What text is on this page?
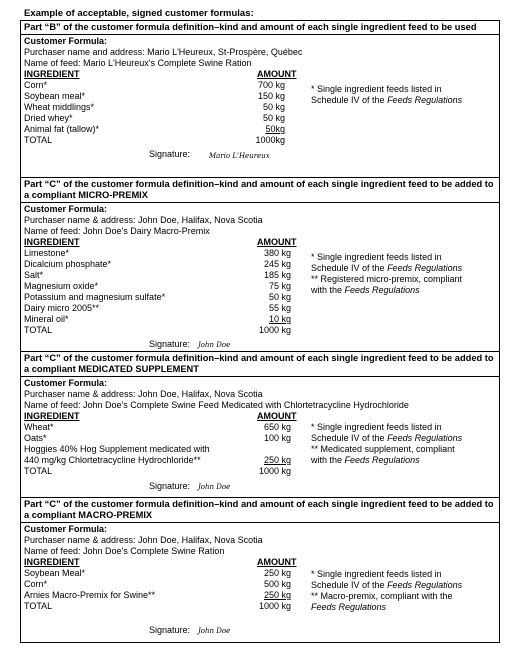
Example of acceptable, signed customer formulas:
Part “B” of the customer formula definition–kind and amount of each single ingredient feed to be used
Customer Formula:
Purchaser name and address: Mario L'Heureux, St-Prospère, Québec
Name of feed: Mario L'Heureux's Complete Swine Ration
INGREDIENT	AMOUNT
Corn*	700 kg
Soybean meal*	150 kg
Wheat middlings*	50 kg
Dried whey*	50 kg
Animal fat (tallow)*	50kg
TOTAL	1000kg
* Single ingredient feeds listed in
Schedule IV of the Feeds Regulations
Signature:	Mario L'Heureux
Part “C” of the customer formula definition–kind and amount of each single ingredient feed to be added to a compliant MICRO-PREMIX
Customer Formula:
Purchaser name & address: John Doe, Halifax, Nova Scotia
Name of feed: John Doe's Dairy Macro-Premix
INGREDIENT	AMOUNT
Limestone*	380 kg
Dicalcium phosphate*	245 kg
Salt*	185 kg
Magnesium oxide*	75 kg
Potassium and magnesium sulfate*	50 kg
Dairy micro 2005**	55 kg
Mineral oil*	10 kg
TOTAL	1000 kg
* Single ingredient feeds listed in
Schedule IV of the Feeds Regulations
** Registered micro-premix, compliant
with the Feeds Regulations
Signature: John Doe
Part “C” of the customer formula definition–kind and amount of each single ingredient feed to be added to a compliant MEDICATED SUPPLEMENT
Customer Formula:
Purchaser name & address: John Doe, Halifax, Nova Scotia
Name of feed: John Doe's Complete Swine Feed Medicated with Chlortetracycline Hydrochloride
INGREDIENT	AMOUNT
Wheat*	650 kg
Oats*	100 kg
Hoggies 40% Hog Supplement medicated with
440 mg/kg Chlortetracycline Hydrochloride**	250 kg
TOTAL	1000 kg
* Single ingredient feeds listed in
Schedule IV of the Feeds Regulations
** Medicated supplement, compliant
with the Feeds Regulations
Signature: John Doe
Part “C” of the customer formula definition–kind and amount of each single ingredient feed to be added to a compliant MACRO-PREMIX
Customer Formula:
Purchaser name & address: John Doe, Halifax, Nova Scotia
Name of feed: John Doe's Complete Swine Ration
INGREDIENT	AMOUNT
Soybean Meal*	250 kg
Corn*	500 kg
Arnies Macro-Premix for Swine**	250 kg
TOTAL	1000 kg
* Single ingredient feeds listed in
Schedule IV of the Feeds Regulations
** Macro-premix, compliant with the
Feeds Regulations
Signature: John Doe
